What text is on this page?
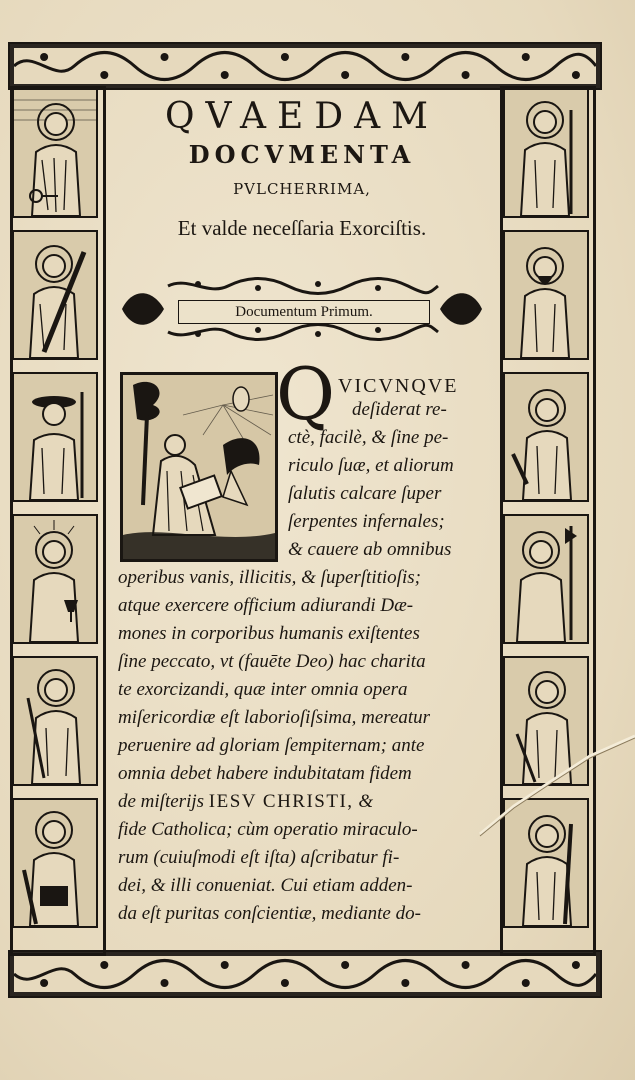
QVAEDAM
DOCVMENTA
PVLCHERRIMA,
Et valde neceſſaria Exorciſtis.
Documentum Primum.
Q VICVNQVE
deſiderat re-
ctè, facilè, & ſine pe-
riculo ſuæ, et aliorum
ſalutis calcare ſuper
ſerpentes infernales;
& cauere ab omnibus
operibus vanis, illicitis, & ſuperſtitioſis;
atque exercere officium adiurandi Dæ-
mones in corporibus humanis exiſtentes
ſine peccato, vt (fauēte Deo) hac charita
te exorcizandi, quæ inter omnia opera
miſericordiæ eſt laborioſiſsima, mereatur
peruenire ad gloriam ſempiternam; ante
omnia debet habere indubitatam fidem
de miſterijs IESV CHRISTI, &
fide Catholica; cùm operatio miraculo-
rum (cuiuſmodi eſt iſta) aſcribatur fi-
dei, & illi conueniat. Cui etiam adden-
da eſt puritas conſcientiæ, mediante do-
